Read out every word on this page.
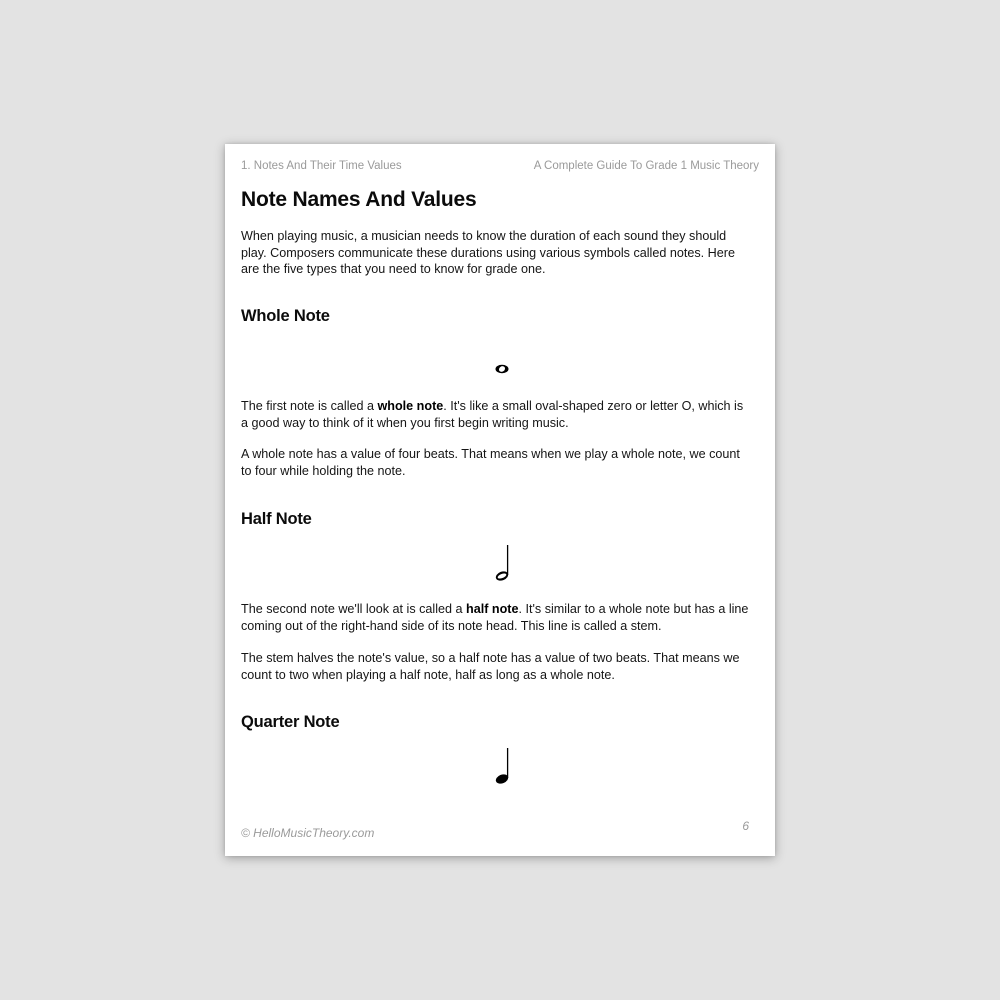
1. Notes And Their Time Values	A Complete Guide To Grade 1 Music Theory
Note Names And Values
When playing music, a musician needs to know the duration of each sound they should play. Composers communicate these durations using various symbols called notes. Here are the five types that you need to know for grade one.
Whole Note
The first note is called a whole note. It's like a small oval-shaped zero or letter O, which is a good way to think of it when you first begin writing music.
A whole note has a value of four beats. That means when we play a whole note, we count to four while holding the note.
Half Note
The second note we'll look at is called a half note. It's similar to a whole note but has a line coming out of the right-hand side of its note head. This line is called a stem.
The stem halves the note's value, so a half note has a value of two beats. That means we count to two when playing a half note, half as long as a whole note.
Quarter Note
© HelloMusicTheory.com	6
